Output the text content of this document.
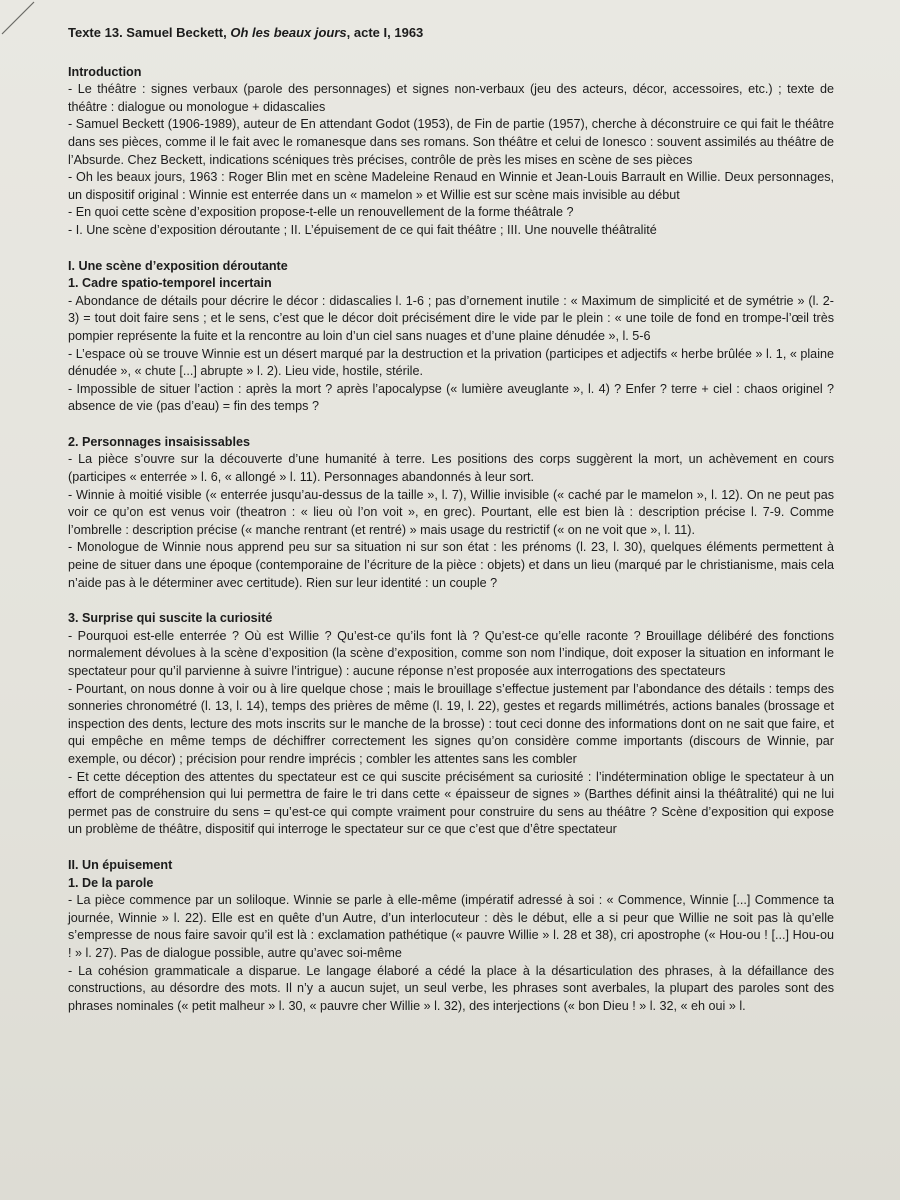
Texte 13. Samuel Beckett, Oh les beaux jours, acte I, 1963
Introduction

- Le théâtre : signes verbaux (parole des personnages) et signes non-verbaux (jeu des acteurs, décor, accessoires, etc.) ; texte de théâtre : dialogue ou monologue + didascalies

- Samuel Beckett (1906-1989), auteur de En attendant Godot (1953), de Fin de partie (1957), cherche à déconstruire ce qui fait le théâtre dans ses pièces, comme il le fait avec le romanesque dans ses romans. Son théâtre et celui de Ionesco : souvent assimilés au théâtre de l’Absurde. Chez Beckett, indications scéniques très précises, contrôle de près les mises en scène de ses pièces

- Oh les beaux jours, 1963 : Roger Blin met en scène Madeleine Renaud en Winnie et Jean-Louis Barrault en Willie. Deux personnages, un dispositif original : Winnie est enterrée dans un « mamelon » et Willie est sur scène mais invisible au début

- En quoi cette scène d’exposition propose-t-elle un renouvellement de la forme théâtrale ?

- I. Une scène d’exposition déroutante ; II. L’épuisement de ce qui fait théâtre ; III. Une nouvelle théâtralité

I. Une scène d’exposition déroutante
1. Cadre spatio-temporel incertain

- Abondance de détails pour décrire le décor : didascalies l. 1-6 ; pas d’ornement inutile : « Maximum de simplicité et de symétrie » (l. 2-3) = tout doit faire sens ; et le sens, c’est que le décor doit précisément dire le vide par le plein : « une toile de fond en trompe-l’œil très pompier représente la fuite et la rencontre au loin d’un ciel sans nuages et d’une plaine dénudée », l. 5-6

- L’espace où se trouve Winnie est un désert marqué par la destruction et la privation (participes et adjectifs « herbe brûlée » l. 1, « plaine dénudée », « chute [...] abrupte » l. 2). Lieu vide, hostile, stérile.

- Impossible de situer l’action : après la mort ? après l’apocalypse (« lumière aveuglante », l. 4) ? Enfer ? terre + ciel : chaos originel ? absence de vie (pas d’eau) = fin des temps ?

2. Personnages insaisissables

- La pièce s’ouvre sur la découverte d’une humanité à terre. Les positions des corps suggèrent la mort, un achèvement en cours (participes « enterrée » l. 6, « allongé » l. 11). Personnages abandonnés à leur sort.

- Winnie à moitié visible (« enterrée jusqu’au-dessus de la taille », l. 7), Willie invisible (« caché par le mamelon », l. 12). On ne peut pas voir ce qu’on est venus voir (theatron : « lieu où l’on voit », en grec). Pourtant, elle est bien là : description précise l. 7-9. Comme l’ombrelle : description précise (« manche rentrant (et rentré) » mais usage du restrictif (« on ne voit que », l. 11).

- Monologue de Winnie nous apprend peu sur sa situation ni sur son état : les prénoms (l. 23, l. 30), quelques éléments permettent à peine de situer dans une époque (contemporaine de l’écriture de la pièce : objets) et dans un lieu (marqué par le christianisme, mais cela n’aide pas à le déterminer avec certitude). Rien sur leur identité : un couple ?

3. Surprise qui suscite la curiosité

- Pourquoi est-elle enterrée ? Où est Willie ? Qu’est-ce qu’ils font là ? Qu’est-ce qu’elle raconte ? Brouillage délibéré des fonctions normalement dévolues à la scène d’exposition (la scène d’exposition, comme son nom l’indique, doit exposer la situation en informant le spectateur pour qu’il parvienne à suivre l’intrigue) : aucune réponse n’est proposée aux interrogations des spectateurs

- Pourtant, on nous donne à voir ou à lire quelque chose ; mais le brouillage s’effectue justement par l’abondance des détails : temps des sonneries chronométré (l. 13, l. 14), temps des prières de même (l. 19, l. 22), gestes et regards millimétrés, actions banales (brossage et inspection des dents, lecture des mots inscrits sur le manche de la brosse) : tout ceci donne des informations dont on ne sait que faire, et qui empêche en même temps de déchiffrer correctement les signes qu’on considère comme importants (discours de Winnie, par exemple, ou décor) ; précision pour rendre imprécis ; combler les attentes sans les combler

- Et cette déception des attentes du spectateur est ce qui suscite précisément sa curiosité : l’indétermination oblige le spectateur à un effort de compréhension qui lui permettra de faire le tri dans cette « épaisseur de signes » (Barthes définit ainsi la théâtralité) qui ne lui permet pas de construire du sens = qu’est-ce qui compte vraiment pour construire du sens au théâtre ? Scène d’exposition qui expose un problème de théâtre, dispositif qui interroge le spectateur sur ce que c’est que d’être spectateur

II. Un épuisement
1. De la parole

- La pièce commence par un soliloque. Winnie se parle à elle-même (impératif adressé à soi : « Commence, Winnie [...] Commence ta journée, Winnie » l. 22). Elle est en quête d’un Autre, d’un interlocuteur : dès le début, elle a si peur que Willie ne soit pas là qu’elle s’empresse de nous faire savoir qu’il est là : exclamation pathétique (« pauvre Willie » l. 28 et 38), cri apostrophe (« Hou-ou ! [...] Hou-ou ! » l. 27). Pas de dialogue possible, autre qu’avec soi-même

- La cohésion grammaticale a disparue. Le langage élaboré a cédé la place à la désarticulation des phrases, à la défaillance des constructions, au désordre des mots. Il n’y a aucun sujet, un seul verbe, les phrases sont averbales, la plupart des paroles sont des phrases nominales (« petit malheur » l. 30, « pauvre cher Willie » l. 32), des interjections (« bon Dieu ! » l. 32, « eh oui » l.
